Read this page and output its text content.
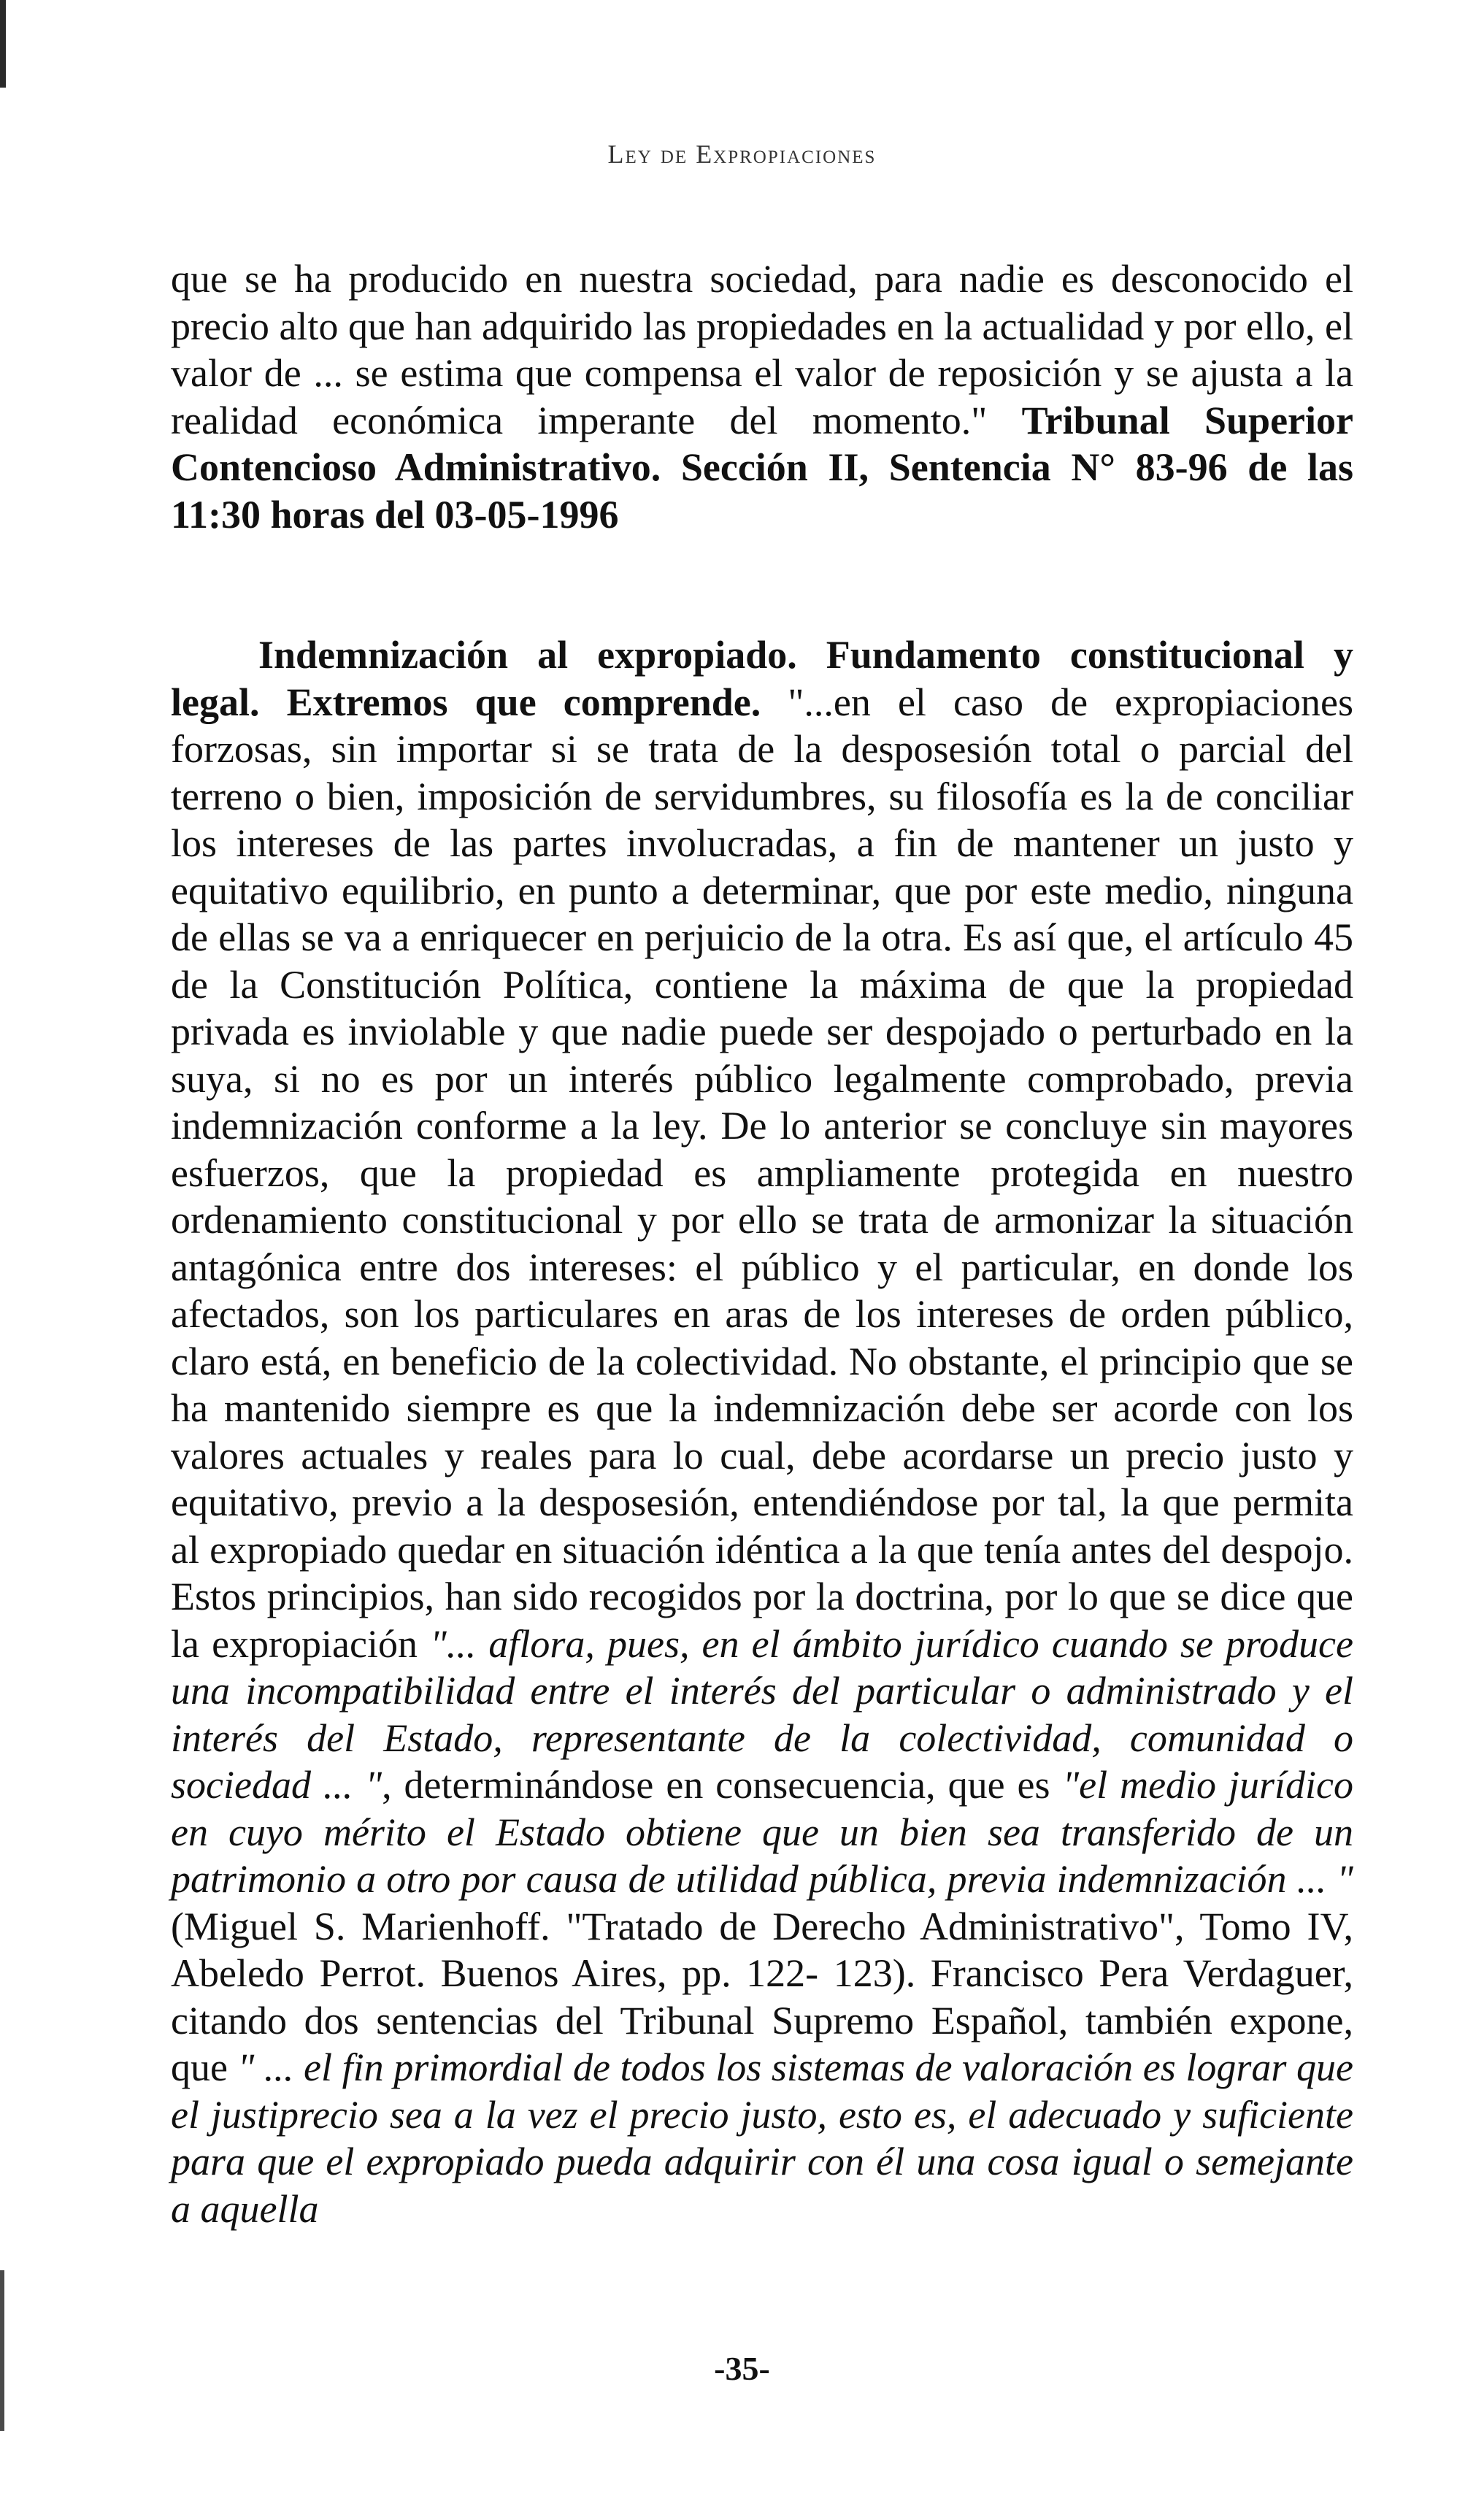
Ley de Expropiaciones

que se ha producido en nuestra sociedad, para nadie es desconocido el precio alto que han adquirido las propiedades en la actualidad y por ello, el valor de ... se estima que compensa el valor de reposición y se ajusta a la realidad económica imperante del momento." Tribunal Superior Contencioso Administrativo. Sección II, Sentencia N° 83-96 de las 11:30 horas del 03-05-1996

Indemnización al expropiado. Fundamento constitucional y legal. Extremos que comprende. "...en el caso de expropiaciones forzosas, sin importar si se trata de la desposesión total o parcial del terreno o bien, imposición de servidumbres, su filosofía es la de conciliar los intereses de las partes involucradas, a fin de mantener un justo y equitativo equilibrio, en punto a determinar, que por este medio, ninguna de ellas se va a enriquecer en perjuicio de la otra. Es así que, el artículo 45 de la Constitución Política, contiene la máxima de que la propiedad privada es inviolable y que nadie puede ser despojado o perturbado en la suya, si no es por un interés público legalmente comprobado, previa indemnización conforme a la ley. De lo anterior se concluye sin mayores esfuerzos, que la propiedad es ampliamente protegida en nuestro ordenamiento constitucional y por ello se trata de armonizar la situación antagónica entre dos intereses: el público y el particular, en donde los afectados, son los particulares en aras de los intereses de orden público, claro está, en beneficio de la colectividad. No obstante, el principio que se ha mantenido siempre es que la indemnización debe ser acorde con los valores actuales y reales para lo cual, debe acordarse un precio justo y equitativo, previo a la desposesión, entendiéndose por tal, la que permita al expropiado quedar en situación idéntica a la que tenía antes del despojo. Estos principios, han sido recogidos por la doctrina, por lo que se dice que la expropiación "... aflora, pues, en el ámbito jurídico cuando se produce una incompatibilidad entre el interés del particular o administrado y el interés del Estado, representante de la colectividad, comunidad o sociedad ... ", determinándose en consecuencia, que es "el medio jurídico en cuyo mérito el Estado obtiene que un bien sea transferido de un patrimonio a otro por causa de utilidad pública, previa indemnización ... " (Miguel S. Marienhoff. "Tratado de Derecho Administrativo", Tomo IV, Abeledo Perrot. Buenos Aires, pp. 122- 123). Francisco Pera Verdaguer, citando dos sentencias del Tribunal Supremo Español, también expone, que " ... el fin primordial de todos los sistemas de valoración es lograr que el justiprecio sea a la vez el precio justo, esto es, el adecuado y suficiente para que el expropiado pueda adquirir con él una cosa igual o semejante a aquella

-35-
